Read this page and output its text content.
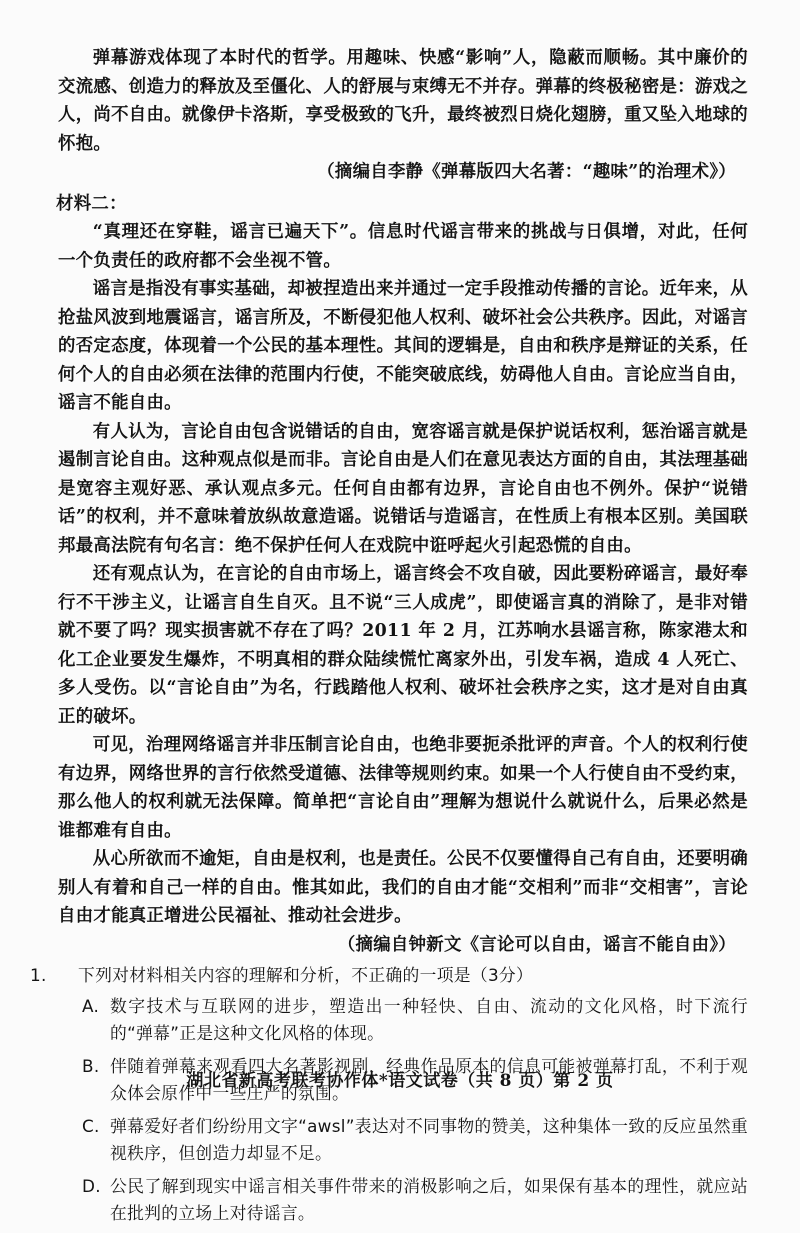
弹幕游戏体现了本时代的哲学。用趣味、快感“影响”人，隐蔽而顺畅。其中廉价的交流感、创造力的释放及至僵化、人的舒展与束缚无不并存。弹幕的终极秘密是：游戏之人，尚不自由。就像伊卡洛斯，享受极致的飞升，最终被烈日烧化翅膀，重又坠入地球的怀抱。

（摘编自李静《弹幕版四大名著：“趣味”的治理术》）

材料二：

“真理还在穿鞋，谣言已遍天下”。信息时代谣言带来的挑战与日俱增，对此，任何一个负责任的政府都不会坐视不管。

谣言是指没有事实基础，却被捏造出来并通过一定手段推动传播的言论。近年来，从抢盐风波到地震谣言，谣言所及，不断侵犯他人权利、破坏社会公共秩序。因此，对谣言的否定态度，体现着一个公民的基本理性。其间的逻辑是，自由和秩序是辩证的关系，任何个人的自由必须在法律的范围内行使，不能突破底线，妨碍他人自由。言论应当自由，谣言不能自由。

有人认为，言论自由包含说错话的自由，宽容谣言就是保护说话权利，惩治谣言就是遏制言论自由。这种观点似是而非。言论自由是人们在意见表达方面的自由，其法理基础是宽容主观好恶、承认观点多元。任何自由都有边界，言论自由也不例外。保护“说错话”的权利，并不意味着放纵故意造谣。说错话与造谣言，在性质上有根本区别。美国联邦最高法院有句名言：绝不保护任何人在戏院中诳呼起火引起恐慌的自由。

还有观点认为，在言论的自由市场上，谣言终会不攻自破，因此要粉碎谣言，最好奉行不干涉主义，让谣言自生自灭。且不说“三人成虎”，即使谣言真的消除了，是非对错就不要了吗？现实损害就不存在了吗？2011 年 2 月，江苏响水县谣言称，陈家港太和化工企业要发生爆炸，不明真相的群众陆续慌忙离家外出，引发车祸，造成 4 人死亡、多人受伤。以“言论自由”为名，行践踏他人权利、破坏社会秩序之实，这才是对自由真正的破坏。

可见，治理网络谣言并非压制言论自由，也绝非要扼杀批评的声音。个人的权利行使有边界，网络世界的言行依然受道德、法律等规则约束。如果一个人行使自由不受约束，那么他人的权利就无法保障。简单把“言论自由”理解为想说什么就说什么，后果必然是谁都难有自由。

从心所欲而不逾矩，自由是权利，也是责任。公民不仅要懂得自己有自由，还要明确别人有着和自己一样的自由。惟其如此，我们的自由才能“交相利”而非“交相害”，言论自由才能真正增进公民福祉、推动社会进步。

（摘编自钟新文《言论可以自由，谣言不能自由》）

1.	下列对材料相关内容的理解和分析，不正确的一项是（3分）
A. 数字技术与互联网的进步，塑造出一种轻快、自由、流动的文化风格，时下流行的“弹幕”正是这种文化风格的体现。
B. 伴随着弹幕来观看四大名著影视剧，经典作品原本的信息可能被弹幕打乱，不利于观众体会原作中一些庄严的氛围。
C. 弹幕爱好者们纷纷用文字“awsl”表达对不同事物的赞美，这种集体一致的反应虽然重视秩序，但创造力却显不足。
D. 公民了解到现实中谣言相关事件带来的消极影响之后，如果保有基本的理性，就应站在批判的立场上对待谣言。
湖北省新高考联考协作体*语文试卷（共 8 页）第 2 页
